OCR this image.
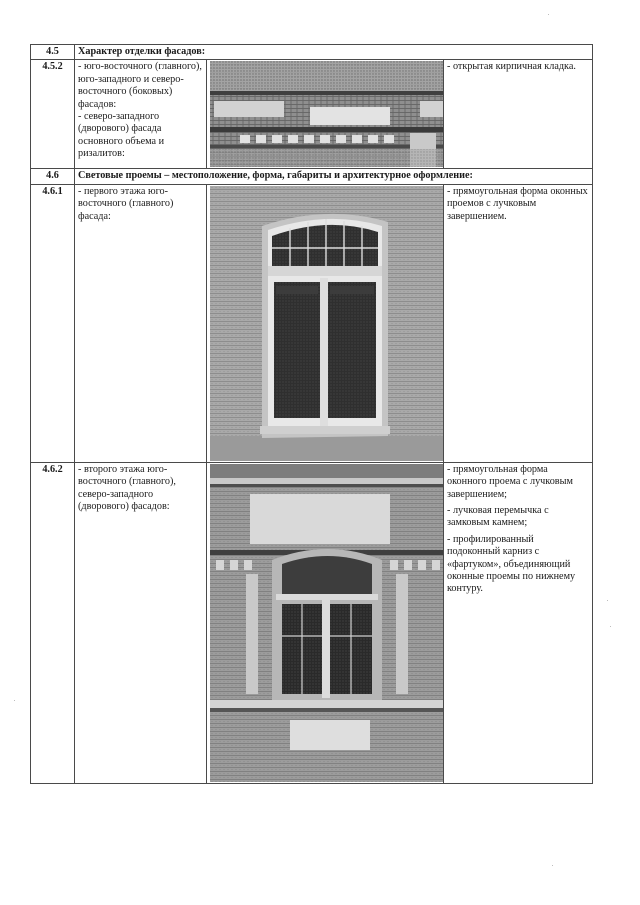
4.5	Характер отделки фасадов:		
4.5.2	- юго-восточного (главного), юго-западного и северо-восточного (боковых) фасадов:

- северо-западного (дворового) фасада основного объема и ризалитов:		- открытая кирпичная кладка.

4.6	Световые проемы – местоположение, форма, габариты и архитектурное оформление:		
4.6.1	- первого этажа юго-восточного (главного) фасада:		- прямоугольная форма оконных проемов с лучковым завершением.

4.6.2	- второго этажа юго- восточного (главного), северо-западного (дворового) фасадов:		- прямоугольная форма оконного проема с лучковым завершением;

- лучковая перемычка с замковым камнем;

- профилированный подоконный карниз с «фартуком», объединяющий оконные проемы по нижнему контуру.
